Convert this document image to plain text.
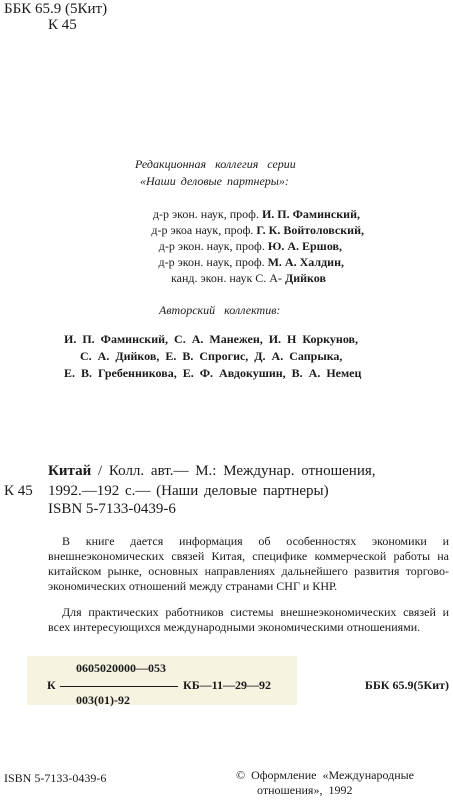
ББК 65.9 (5Кит)
К 45
Редакционная коллегия серии
«Наши деловые партнеры»:
д-р экон. наук, проф. И. П. Фаминский,
д-р экоа наук, проф. Г. К. Войтоловский,
д-р экон. наук, проф. Ю. А. Ершов,
д-р экон. наук, проф. М. А. Халдин,
канд. экон. наук С. А- Дийков
Авторский коллектив:
И. П. Фаминский, С. А. Манежен, И. Н Коркунов,
С. А. Дийков, Е. В. Спрогис, Д. А. Сапрыка,
Е. В. Гребенникова, Е. Ф. Авдокушин, В. А. Немец
Китай / Колл. авт.— М.: Междунар. отношения,
К 45 1992.—192 с.— (Наши деловые партнеры)
ISBN 5-7133-0439-6
В книге дается информация об особенностях экономики и внешнеэкономических связей Китая, специфике коммерческой работы на китайском рынке, основных направлениях дальнейшего развития торгово-экономических отношений между странами СНГ и КНР.
Для практических работников системы внешнеэкономических связей и всех интересующихся международными экономическими отношениями.
0605020000—053
К	КБ—11—29—92
003(01)-92
ББК 65.9(5Кит)
ISBN 5-7133-0439-6	© Оформление «Международные
отношения», 1992
